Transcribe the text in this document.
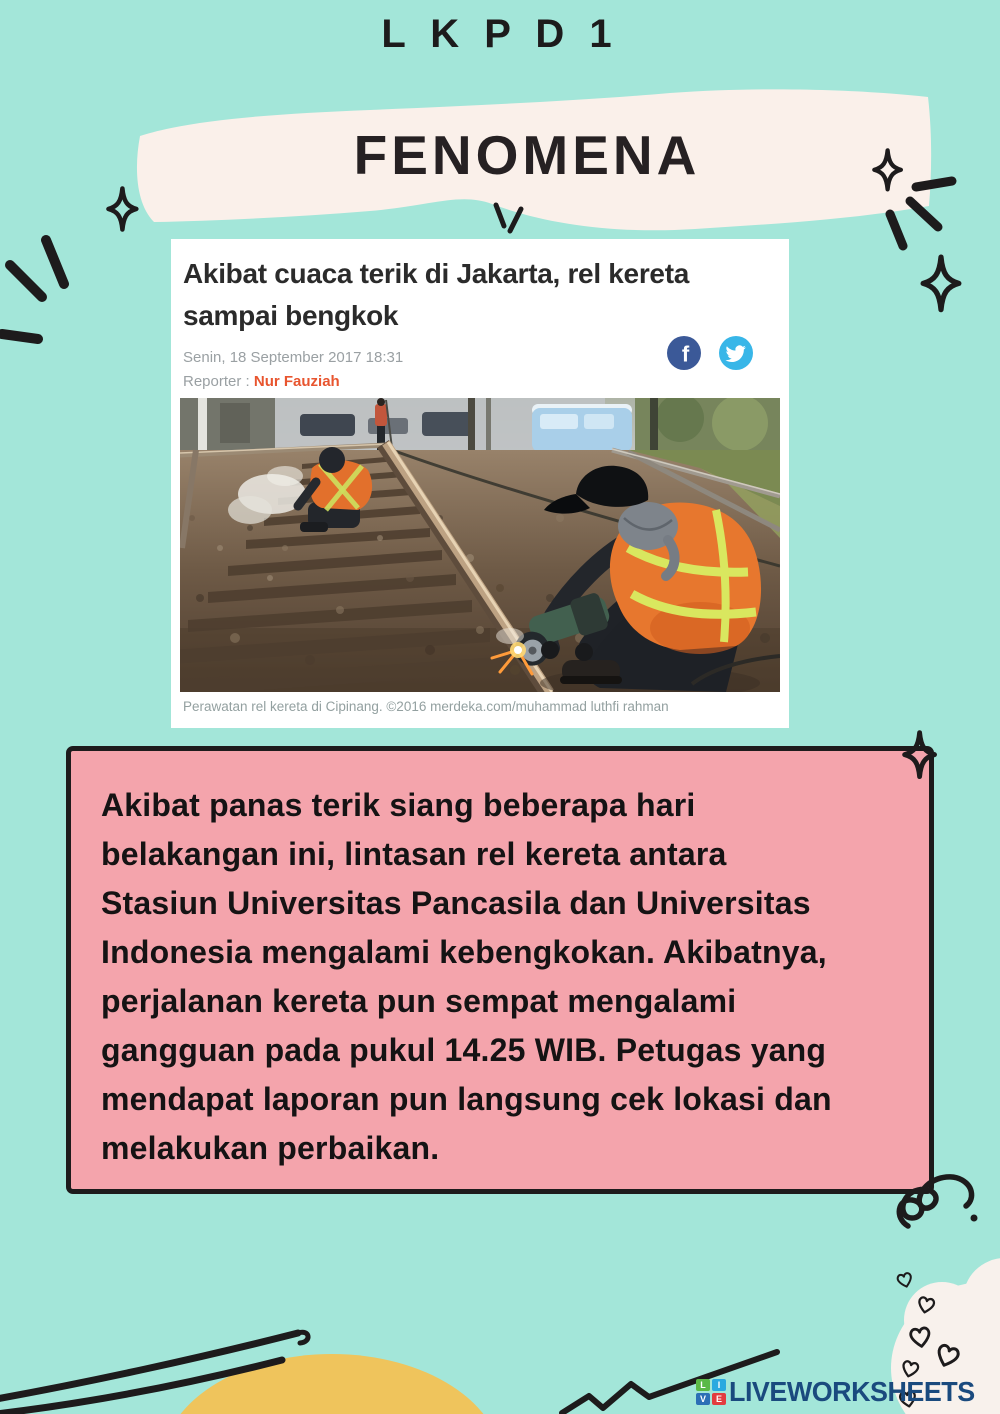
L K P D 1
FENOMENA
Akibat cuaca terik di Jakarta, rel kereta
sampai bengkok
Senin, 18 September 2017 18:31
Reporter : Nur Fauziah
f
Perawatan rel kereta di Cipinang. ©2016 merdeka.com/muhammad luthfi rahman
Akibat panas terik siang beberapa hari
belakangan ini, lintasan rel kereta antara
Stasiun Universitas Pancasila dan Universitas
Indonesia mengalami kebengkokan. Akibatnya,
perjalanan kereta pun sempat mengalami
gangguan pada pukul 14.25 WIB. Petugas yang
mendapat laporan pun langsung cek lokasi dan
melakukan perbaikan.
L	I
V	E LIVEWORKSHEETS
